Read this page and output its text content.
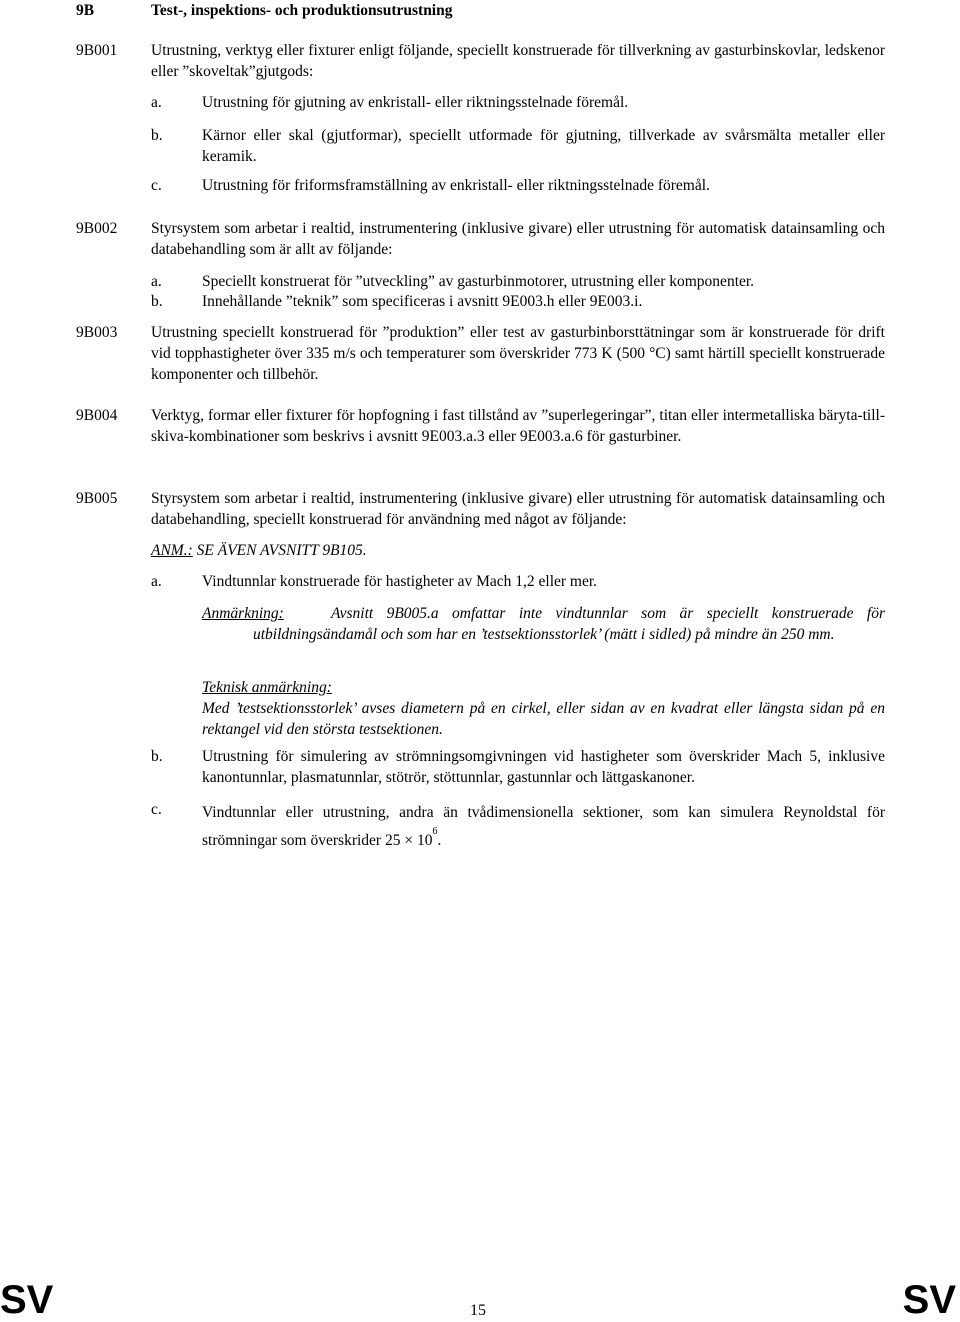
9B	Test-, inspektions- och produktionsutrustning
9B001 Utrustning, verktyg eller fixturer enligt följande, speciellt konstruerade för tillverkning av gasturbinskovlar, ledskenor eller ”skoveltak”gjutgods:
a.	Utrustning för gjutning av enkristall- eller riktningsstelnade föremål.
b.	Kärnor eller skal (gjutformar), speciellt utformade för gjutning, tillverkade av svårsmälta metaller eller keramik.
c.	Utrustning för friformsframställning av enkristall- eller riktningsstelnade föremål.
9B002 Styrsystem som arbetar i realtid, instrumentering (inklusive givare) eller utrustning för automatisk datainsamling och databehandling som är allt av följande:
a.	Speciellt konstruerat för ”utveckling” av gasturbinmotorer, utrustning eller komponenter.
b.	Innehållande ”teknik” som specificeras i avsnitt 9E003.h eller 9E003.i.
9B003 Utrustning speciellt konstruerad för ”produktion” eller test av gasturbinborsttätningar som är konstruerade för drift vid topphastigheter över 335 m/s och temperaturer som överskrider 773 K (500 °C) samt härtill speciellt konstruerade komponenter och tillbehör.
9B004 Verktyg, formar eller fixturer för hopfogning i fast tillstånd av ”superlegeringar”, titan eller intermetalliska bäryta-till-skiva-kombinationer som beskrivs i avsnitt 9E003.a.3 eller 9E003.a.6 för gasturbiner.
9B005 Styrsystem som arbetar i realtid, instrumentering (inklusive givare) eller utrustning för automatisk datainsamling och databehandling, speciellt konstruerad för användning med något av följande:
ANM.: SE ÄVEN AVSNITT 9B105.
a.	Vindtunnlar konstruerade för hastigheter av Mach 1,2 eller mer.
Anmärkning:	Avsnitt 9B005.a omfattar inte vindtunnlar som är speciellt konstruerade för utbildningsändamål och som har en ’testsektionsstorlek’ (mätt i sidled) på mindre än 250 mm.
Teknisk anmärkning:
Med ’testsektionsstorlek’ avses diametern på en cirkel, eller sidan av en kvadrat eller längsta sidan på en rektangel vid den största testsektionen.
b.	Utrustning för simulering av strömningsomgivningen vid hastigheter som överskrider Mach 5, inklusive kanontunnlar, plasmatunnlar, stötrör, stöttunnlar, gastunnlar och lättgaskanoner.
c.	Vindtunnlar eller utrustning, andra än tvådimensionella sektioner, som kan simulera Reynoldstal för strömningar som överskrider $25 \times 10^6$.
SV	15	SV
